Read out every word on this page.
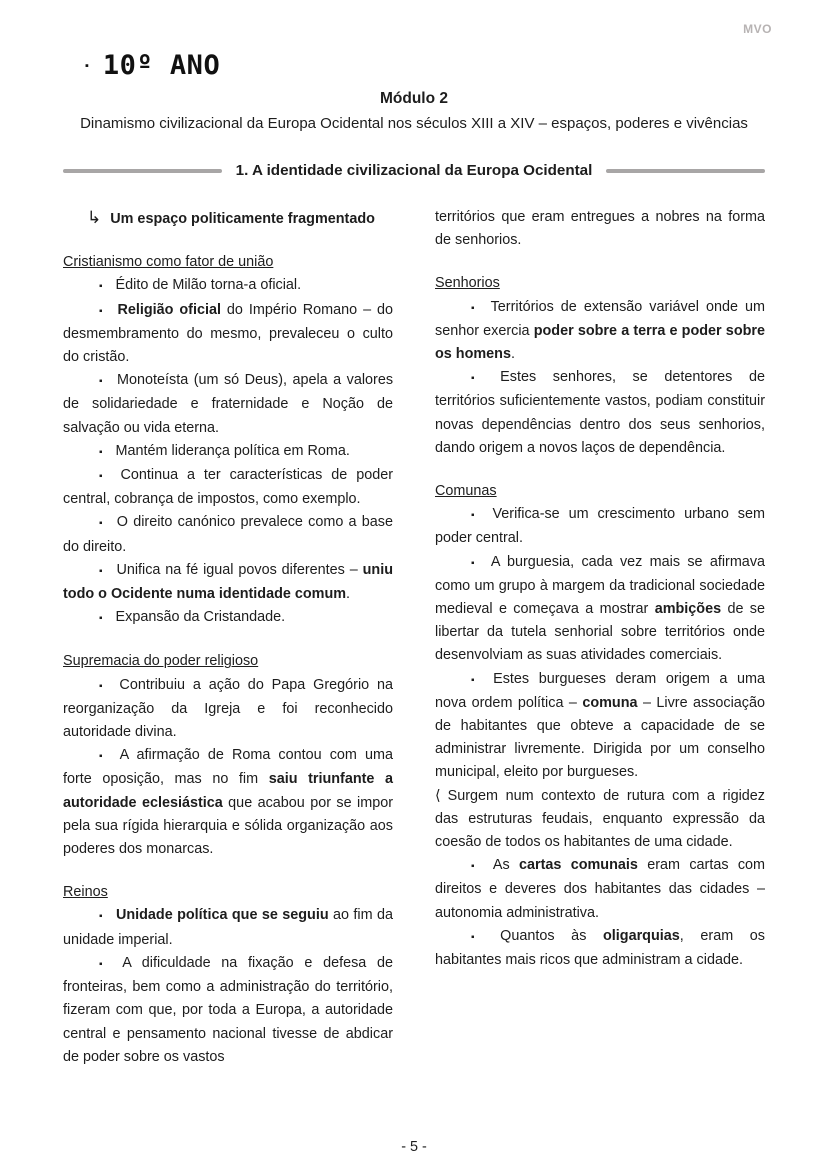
MVO
▪ 10º ANO
Módulo 2
Dinamismo civilizacional da Europa Ocidental nos séculos XIII a XIV – espaços, poderes e vivências
1. A identidade civilizacional da Europa Ocidental

↳ Um espaço politicamente fragmentado

Cristianismo como fator de união

▪ Édito de Milão torna-a oficial.

▪ Religião oficial do Império Romano – do desmembramento do mesmo, prevaleceu o culto do cristão.

▪ Monoteísta (um só Deus), apela a valores de solidariedade e fraternidade e Noção de salvação ou vida eterna.

▪ Mantém liderança política em Roma.

▪ Continua a ter características de poder central, cobrança de impostos, como exemplo.

▪ O direito canónico prevalece como a base do direito.

▪ Unifica na fé igual povos diferentes – uniu todo o Ocidente numa identidade comum.

▪ Expansão da Cristandade.

Supremacia do poder religioso

▪ Contribuiu a ação do Papa Gregório na reorganização da Igreja e foi reconhecido autoridade divina.

▪ A afirmação de Roma contou com uma forte oposição, mas no fim saiu triunfante a autoridade eclesiástica que acabou por se impor pela sua rígida hierarquia e sólida organização aos poderes dos monarcas.

Reinos

▪ Unidade política que se seguiu ao fim da unidade imperial.

▪ A dificuldade na fixação e defesa de fronteiras, bem como a administração do território, fizeram com que, por toda a Europa, a autoridade central e pensamento nacional tivesse de abdicar de poder sobre os vastos

territórios que eram entregues a nobres na forma de senhorios.

Senhorios

▪ Territórios de extensão variável onde um senhor exercia poder sobre a terra e poder sobre os homens.

▪ Estes senhores, se detentores de territórios suficientemente vastos, podiam constituir novas dependências dentro dos seus senhorios, dando origem a novos laços de dependência.

Comunas

▪ Verifica-se um crescimento urbano sem poder central.

▪ A burguesia, cada vez mais se afirmava como um grupo à margem da tradicional sociedade medieval e começava a mostrar ambições de se libertar da tutela senhorial sobre territórios onde desenvolviam as suas atividades comerciais.

▪ Estes burgueses deram origem a uma nova ordem política – comuna – Livre associação de habitantes que obteve a capacidade de se administrar livremente. Dirigida por um conselho municipal, eleito por burgueses.

⟨ Surgem num contexto de rutura com a rigidez das estruturas feudais, enquanto expressão da coesão de todos os habitantes de uma cidade.

▪ As cartas comunais eram cartas com direitos e deveres dos habitantes das cidades – autonomia administrativa.

▪ Quantos às oligarquias, eram os habitantes mais ricos que administram a cidade.

- 5 -
